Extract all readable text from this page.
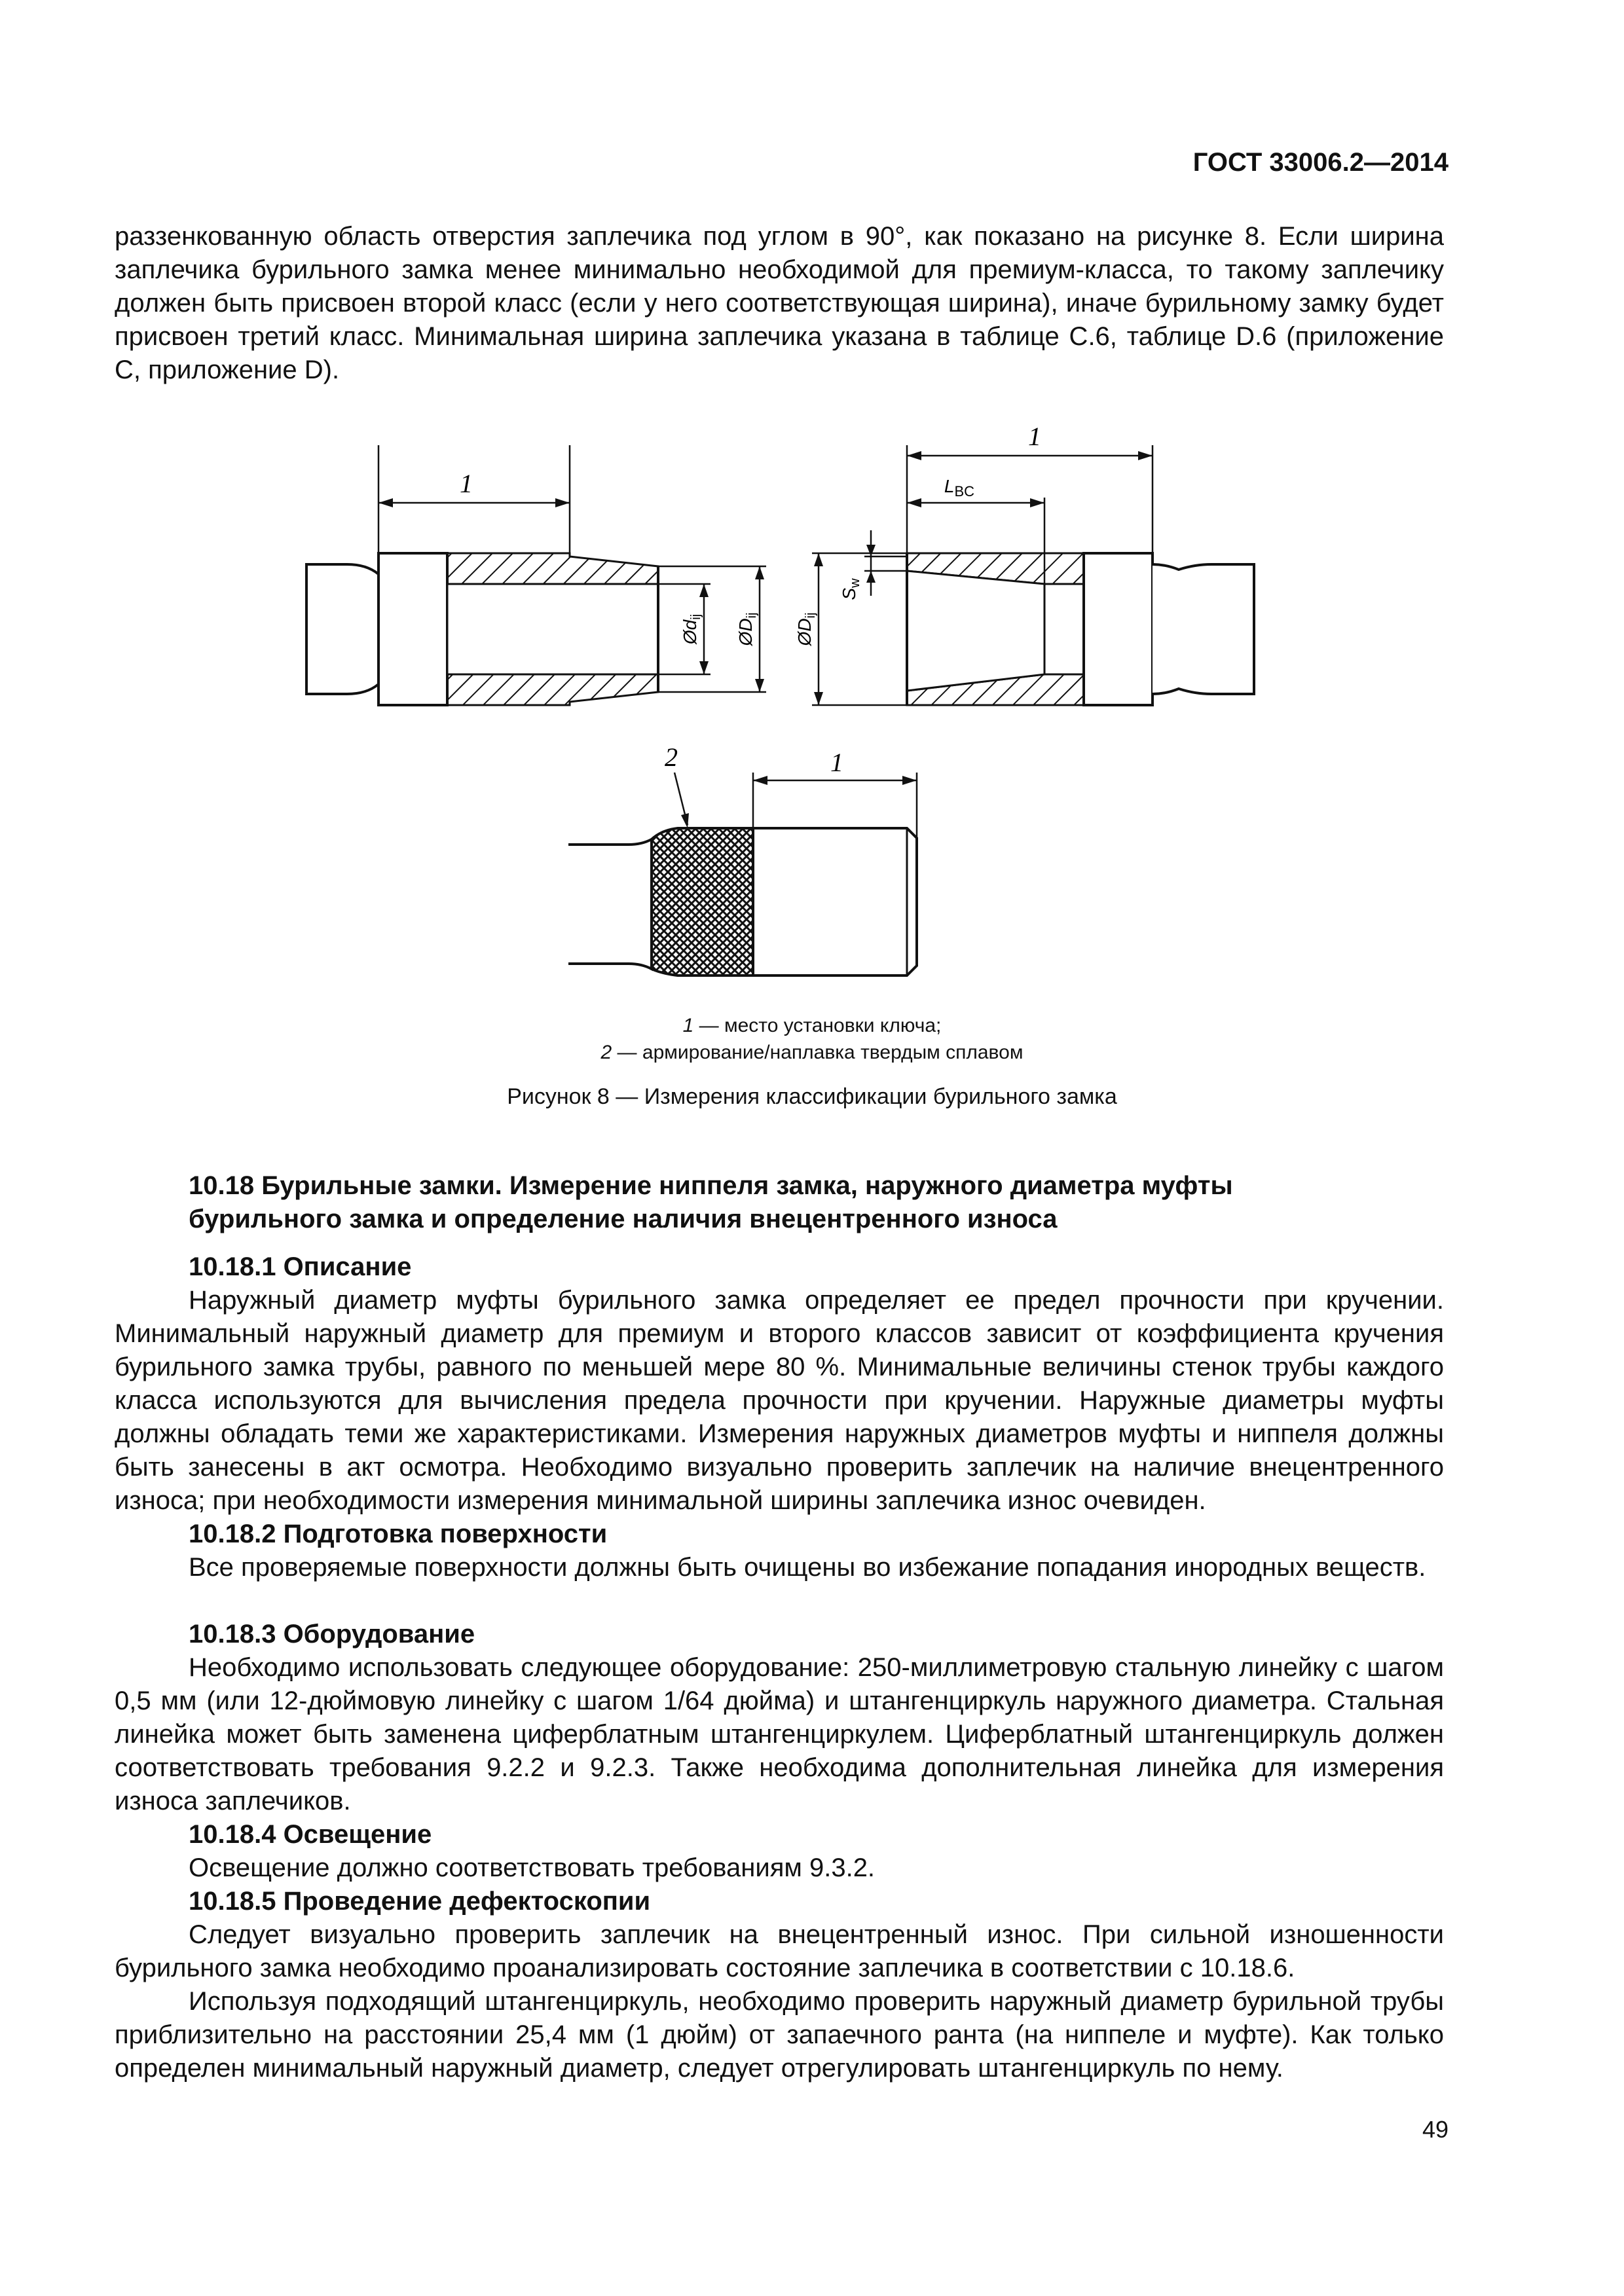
ГОСТ 33006.2—2014

раззенкованную область отверстия заплечика под углом в 90°, как показано на рисунке 8. Если ширина заплечика бурильного замка менее минимально необходимой для премиум-класса, то такому заплечику должен быть присвоен второй класс (если у него соответствующая ширина), иначе бурильному замку будет присвоен третий класс. Минимальная ширина заплечика указана в таблице С.6, таблице D.6 (приложение С, приложение D).

1
1
1
2
$L_{BC}$
$Ød_{ij}$
$ØD_{ij}$
$ØD_{ij}$
$S_w$

1 — место установки ключа;

2 — армирование/наплавка твердым сплавом

Рисунок 8 — Измерения классификации бурильного замка

10.18 Бурильные замки. Измерение ниппеля замка, наружного диаметра муфты

бурильного замка и определение наличия внецентренного износа

10.18.1 Описание

Наружный диаметр муфты бурильного замка определяет ее предел прочности при кручении. Минимальный наружный диаметр для премиум и второго классов зависит от коэффициента кручения бурильного замка трубы, равного по меньшей мере 80 %. Минимальные величины стенок трубы каждого класса используются для вычисления предела прочности при кручении. Наружные диаметры муфты должны обладать теми же характеристиками. Измерения наружных диаметров муфты и ниппеля должны быть занесены в акт осмотра. Необходимо визуально проверить заплечик на наличие внецентренного износа; при необходимости измерения минимальной ширины заплечика износ очевиден.

10.18.2 Подготовка поверхности

Все проверяемые поверхности должны быть очищены во избежание попадания инородных веществ.

10.18.3 Оборудование

Необходимо использовать следующее оборудование: 250-миллиметровую стальную линейку с шагом 0,5 мм (или 12-дюймовую линейку с шагом 1/64 дюйма) и штангенциркуль наружного диаметра. Стальная линейка может быть заменена циферблатным штангенциркулем. Циферблатный штангенциркуль должен соответствовать требования 9.2.2 и 9.2.3. Также необходима дополнительная линейка для измерения износа заплечиков.

10.18.4 Освещение

Освещение должно соответствовать требованиям 9.3.2.

10.18.5 Проведение дефектоскопии

Следует визуально проверить заплечик на внецентренный износ. При сильной изношенности бурильного замка необходимо проанализировать состояние заплечика в соответствии с 10.18.6.

Используя подходящий штангенциркуль, необходимо проверить наружный диаметр бурильной трубы приблизительно на расстоянии 25,4 мм (1 дюйм) от запаечного ранта (на ниппеле и муфте). Как только определен минимальный наружный диаметр, следует отрегулировать штангенциркуль по нему.

49
